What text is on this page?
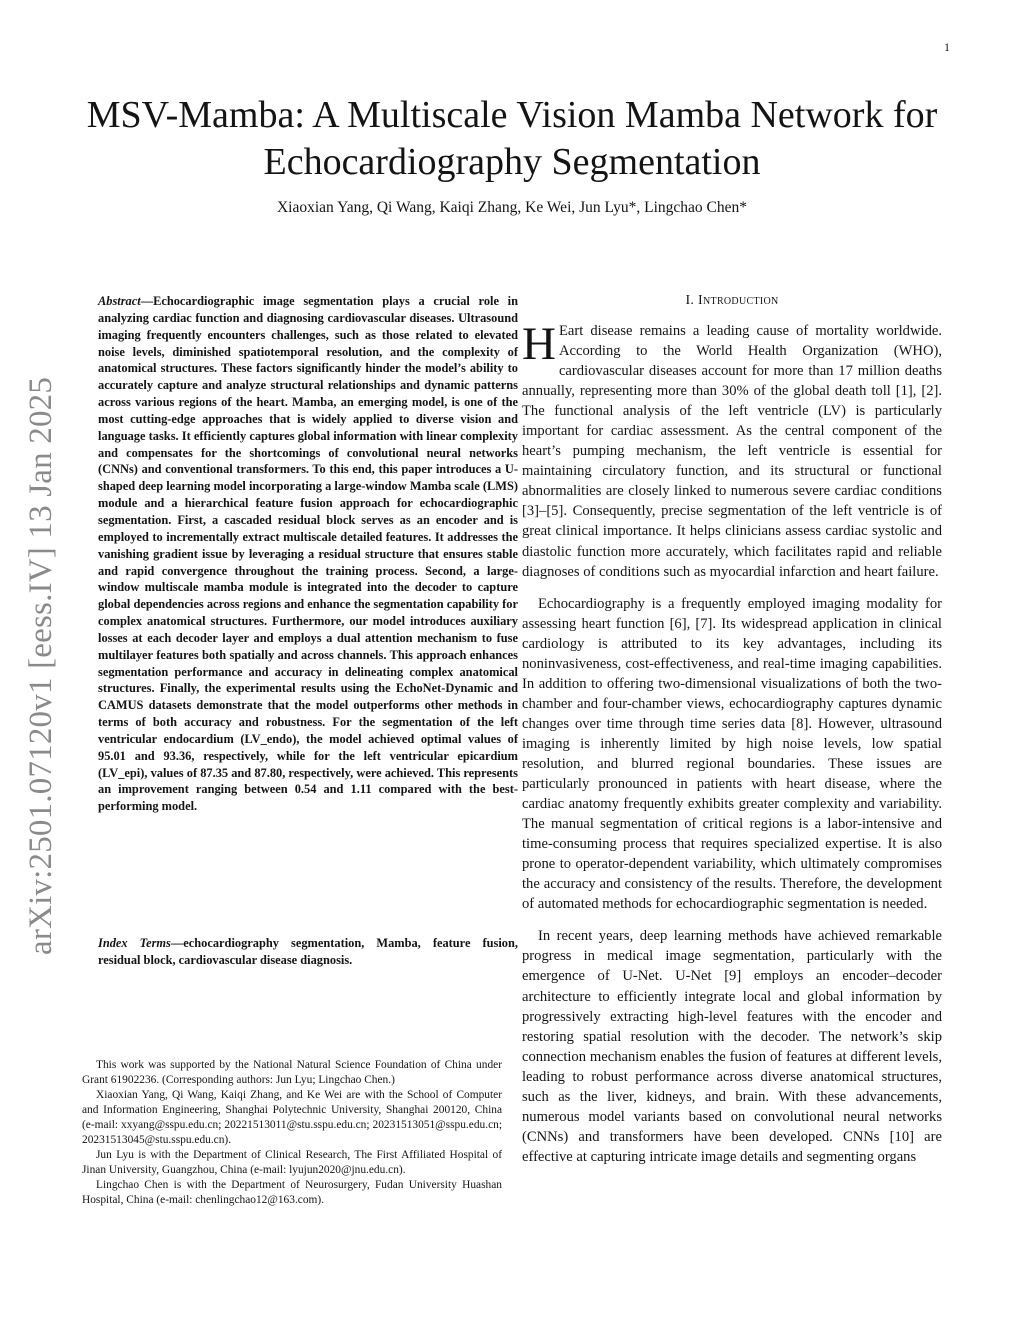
1
arXiv:2501.07120v1 [eess.IV] 13 Jan 2025
MSV-Mamba: A Multiscale Vision Mamba Network for Echocardiography Segmentation
Xiaoxian Yang, Qi Wang, Kaiqi Zhang, Ke Wei, Jun Lyu*, Lingchao Chen*

Abstract—Echocardiographic image segmentation plays a crucial role in analyzing cardiac function and diagnosing cardiovascular diseases. Ultrasound imaging frequently encounters challenges, such as those related to elevated noise levels, diminished spatiotemporal resolution, and the complexity of anatomical structures. These factors significantly hinder the model’s ability to accurately capture and analyze structural relationships and dynamic patterns across various regions of the heart. Mamba, an emerging model, is one of the most cutting-edge approaches that is widely applied to diverse vision and language tasks. It efficiently captures global information with linear complexity and compensates for the shortcomings of convolutional neural networks (CNNs) and conventional transformers. To this end, this paper introduces a U-shaped deep learning model incorporating a large-window Mamba scale (LMS) module and a hierarchical feature fusion approach for echocardiographic segmentation. First, a cascaded residual block serves as an encoder and is employed to incrementally extract multiscale detailed features. It addresses the vanishing gradient issue by leveraging a residual structure that ensures stable and rapid convergence throughout the training process. Second, a large-window multiscale mamba module is integrated into the decoder to capture global dependencies across regions and enhance the segmentation capability for complex anatomical structures. Furthermore, our model introduces auxiliary losses at each decoder layer and employs a dual attention mechanism to fuse multilayer features both spatially and across channels. This approach enhances segmentation performance and accuracy in delineating complex anatomical structures. Finally, the experimental results using the EchoNet-Dynamic and CAMUS datasets demonstrate that the model outperforms other methods in terms of both accuracy and robustness. For the segmentation of the left ventricular endocardium (LV_endo), the model achieved optimal values of 95.01 and 93.36, respectively, while for the left ventricular epicardium (LV_epi), values of 87.35 and 87.80, respectively, were achieved. This represents an improvement ranging between 0.54 and 1.11 compared with the best-performing model.

Index Terms—echocardiography segmentation, Mamba, feature fusion, residual block, cardiovascular disease diagnosis.

This work was supported by the National Natural Science Foundation of China under Grant 61902236. (Corresponding authors: Jun Lyu; Lingchao Chen.)

Xiaoxian Yang, Qi Wang, Kaiqi Zhang, and Ke Wei are with the School of Computer and Information Engineering, Shanghai Polytechnic University, Shanghai 200120, China (e-mail: xxyang@sspu.edu.cn; 20221513011@stu.sspu.edu.cn; 20231513051@sspu.edu.cn; 20231513045@stu.sspu.edu.cn).

Jun Lyu is with the Department of Clinical Research, The First Affiliated Hospital of Jinan University, Guangzhou, China (e-mail: lyujun2020@jnu.edu.cn).

Lingchao Chen is with the Department of Neurosurgery, Fudan University Huashan Hospital, China (e-mail: chenlingchao12@163.com).

I. Introduction

H Eart disease remains a leading cause of mortality worldwide. According to the World Health Organization (WHO), cardiovascular diseases account for more than 17 million deaths annually, representing more than 30% of the global death toll [1], [2]. The functional analysis of the left ventricle (LV) is particularly important for cardiac assessment. As the central component of the heart’s pumping mechanism, the left ventricle is essential for maintaining circulatory function, and its structural or functional abnormalities are closely linked to numerous severe cardiac conditions [3]–[5]. Consequently, precise segmentation of the left ventricle is of great clinical importance. It helps clinicians assess cardiac systolic and diastolic function more accurately, which facilitates rapid and reliable diagnoses of conditions such as myocardial infarction and heart failure.

Echocardiography is a frequently employed imaging modality for assessing heart function [6], [7]. Its widespread application in clinical cardiology is attributed to its key advantages, including its noninvasiveness, cost-effectiveness, and real-time imaging capabilities. In addition to offering two-dimensional visualizations of both the two-chamber and four-chamber views, echocardiography captures dynamic changes over time through time series data [8]. However, ultrasound imaging is inherently limited by high noise levels, low spatial resolution, and blurred regional boundaries. These issues are particularly pronounced in patients with heart disease, where the cardiac anatomy frequently exhibits greater complexity and variability. The manual segmentation of critical regions is a labor-intensive and time-consuming process that requires specialized expertise. It is also prone to operator-dependent variability, which ultimately compromises the accuracy and consistency of the results. Therefore, the development of automated methods for echocardiographic segmentation is needed.

In recent years, deep learning methods have achieved remarkable progress in medical image segmentation, particularly with the emergence of U-Net. U-Net [9] employs an encoder–decoder architecture to efficiently integrate local and global information by progressively extracting high-level features with the encoder and restoring spatial resolution with the decoder. The network’s skip connection mechanism enables the fusion of features at different levels, leading to robust performance across diverse anatomical structures, such as the liver, kidneys, and brain. With these advancements, numerous model variants based on convolutional neural networks (CNNs) and transformers have been developed. CNNs [10] are effective at capturing intricate image details and segmenting organs
